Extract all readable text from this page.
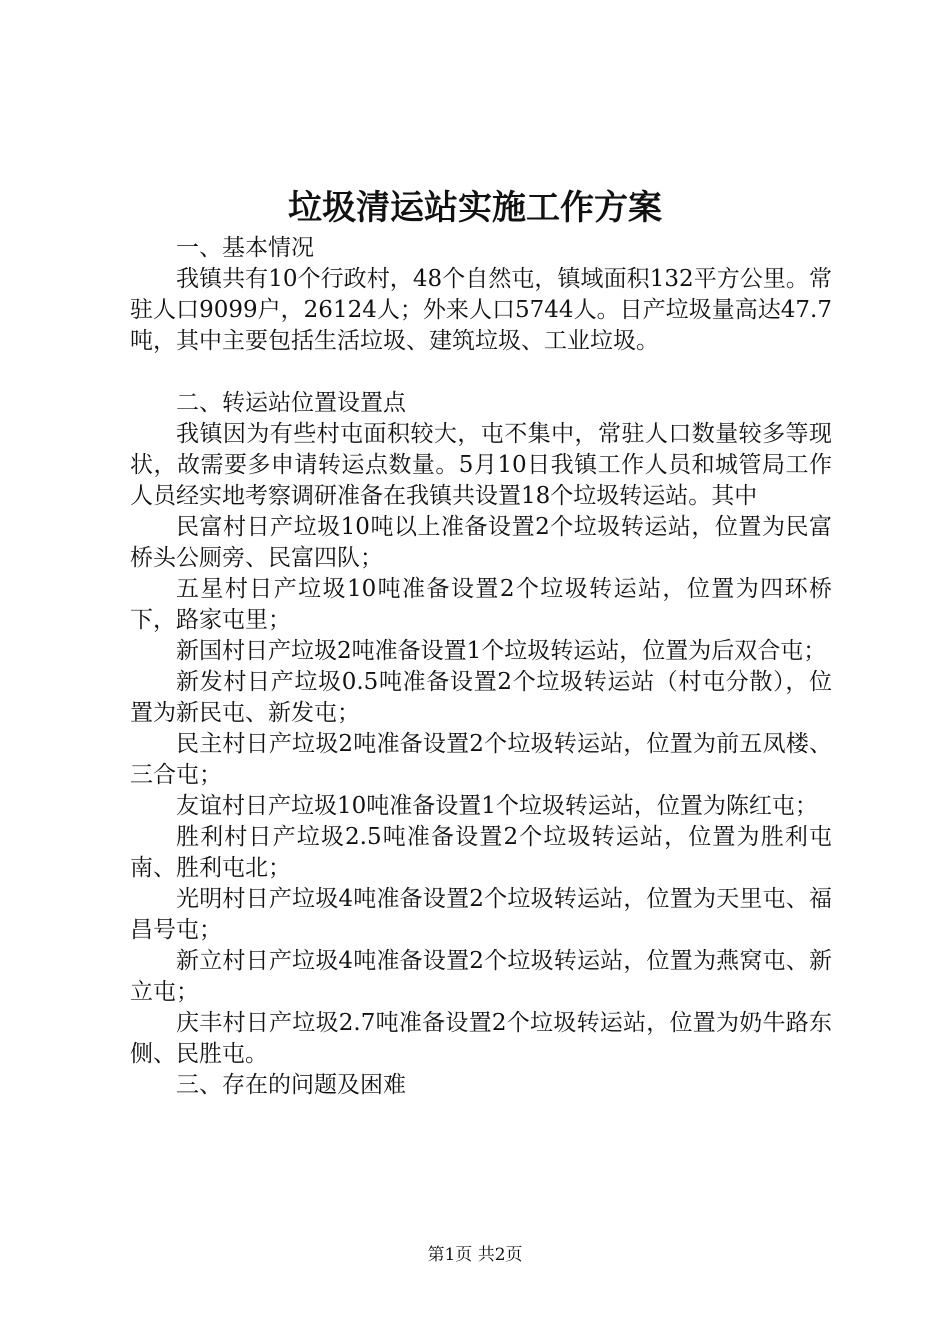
垃圾清运站实施工作方案

一、基本情况

我镇共有10个行政村，48个自然屯，镇域面积132平方公里。常驻人口9099户，26124人；外来人口5744人。日产垃圾量高达47.7吨，其中主要包括生活垃圾、建筑垃圾、工业垃圾。

二、转运站位置设置点

我镇因为有些村屯面积较大，屯不集中，常驻人口数量较多等现状，故需要多申请转运点数量。5月10日我镇工作人员和城管局工作人员经实地考察调研准备在我镇共设置18个垃圾转运站。其中

民富村日产垃圾10吨以上准备设置2个垃圾转运站，位置为民富桥头公厕旁、民富四队；

五星村日产垃圾10吨准备设置2个垃圾转运站，位置为四环桥下，路家屯里；

新国村日产垃圾2吨准备设置1个垃圾转运站，位置为后双合屯；

新发村日产垃圾0.5吨准备设置2个垃圾转运站（村屯分散），位置为新民屯、新发屯；

民主村日产垃圾2吨准备设置2个垃圾转运站，位置为前五凤楼、三合屯；

友谊村日产垃圾10吨准备设置1个垃圾转运站，位置为陈红屯；

胜利村日产垃圾2.5吨准备设置2个垃圾转运站，位置为胜利屯南、胜利屯北；

光明村日产垃圾4吨准备设置2个垃圾转运站，位置为天里屯、福昌号屯；

新立村日产垃圾4吨准备设置2个垃圾转运站，位置为燕窝屯、新立屯；

庆丰村日产垃圾2.7吨准备设置2个垃圾转运站，位置为奶牛路东侧、民胜屯。

三、存在的问题及困难

第1页 共2页
